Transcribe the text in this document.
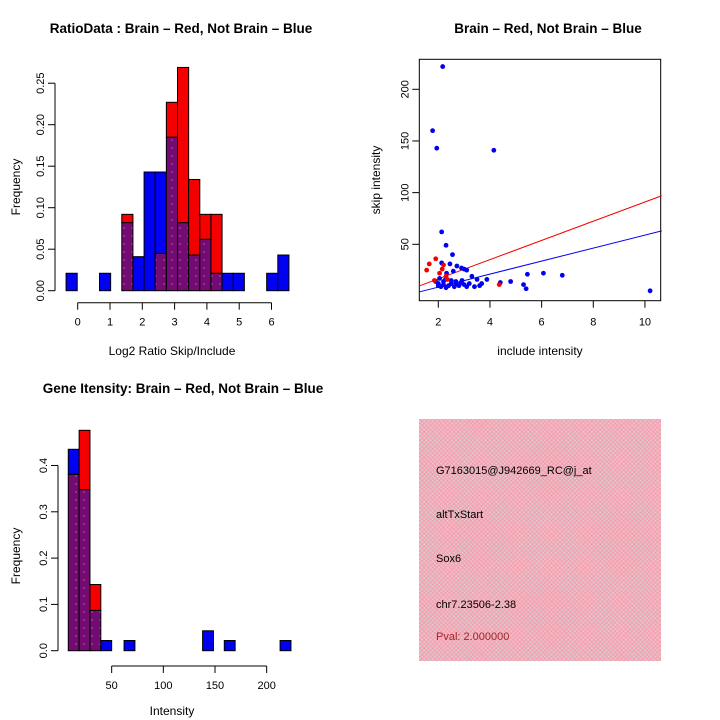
RatioData : Brain – Red, Not Brain – Blue
Frequency
Log2 Ratio Skip/Include
0.00
0.05
0.10
0.15
0.20
0.25
0 1 2 3 4 5 6
Brain – Red, Not Brain – Blue
skip intensity
include intensity
2	4	6	8	10
50
100
150
200
Gene Itensity: Brain – Red, Not Brain – Blue
Frequency
Intensity
0.0
0.1
0.2
0.3
0.4
50	100	150	200
G7163015@J942669_RC@j_at
altTxStart
Sox6
chr7.23506-2.38
Pval: 2.000000
